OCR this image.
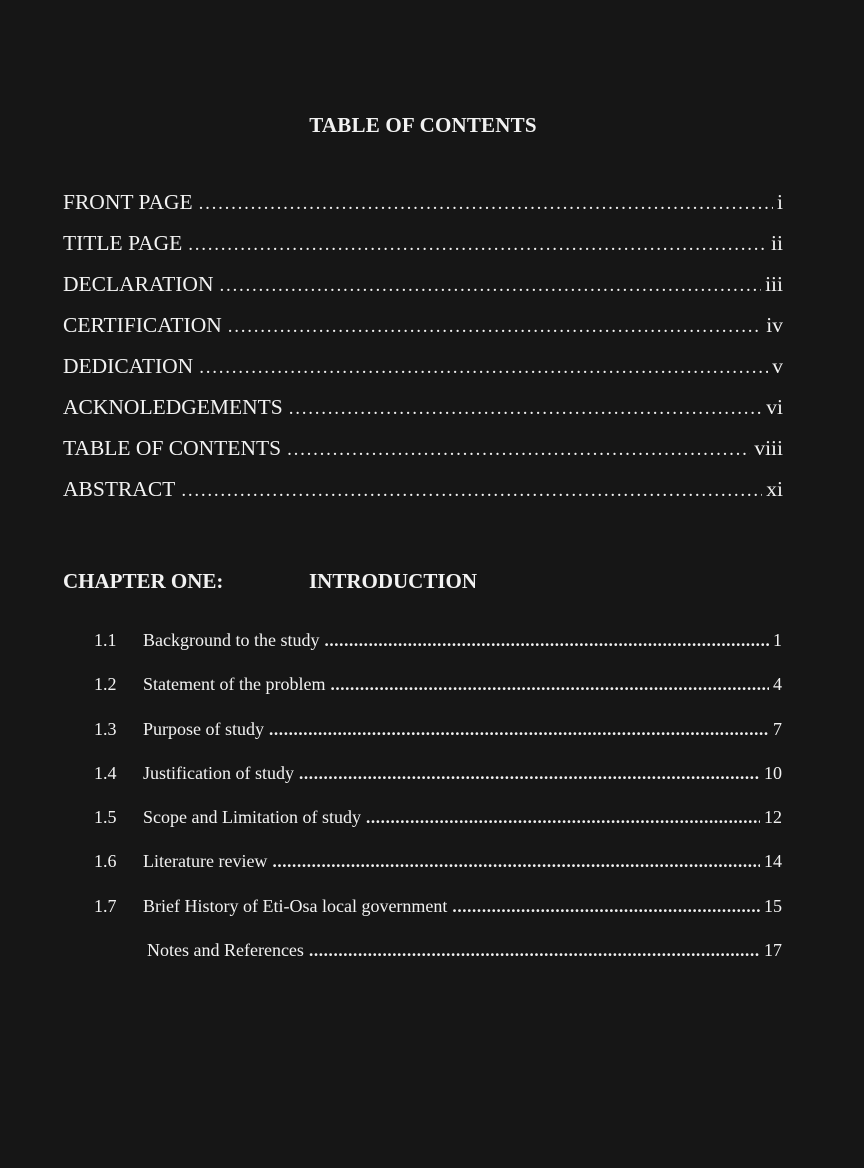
TABLE OF CONTENTS
FRONT PAGE . . .	i
TITLE PAGE . . .	ii
DECLARATION . . .	iii
CERTIFICATION . . .	iv
DEDICATION . . .	v
ACKNOLEDGEMENTS . . .	vi
TABLE OF CONTENTS . . .	viii
ABSTRACT . . .	xi
CHAPTER ONE:	INTRODUCTION
1.1	Background to the study . . .	1
1.2	Statement of the problem . . .	4
1.3	Purpose of study . . .	7
1.4	Justification of study . . .	10
1.5	Scope and Limitation of study . . .	12
1.6	Literature review . . .	14
1.7	Brief History of Eti-Osa local government . . .	15
Notes and References . . .	17
